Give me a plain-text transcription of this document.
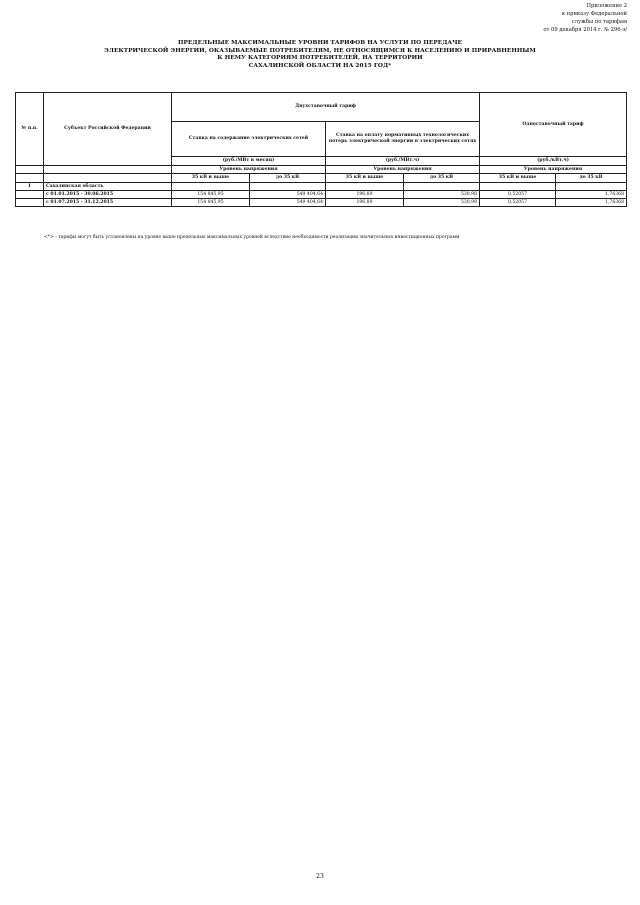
Приложение 2
к приказу Федеральной
службы по тарифам
от 09 декабря 2014 г. № 296-э/
ПРЕДЕЛЬНЫЕ МАКСИМАЛЬНЫЕ УРОВНИ ТАРИФОВ НА УСЛУГИ ПО ПЕРЕДАЧЕ
ЭЛЕКТРИЧЕСКОЙ ЭНЕРГИИ, ОКАЗЫВАЕМЫЕ ПОТРЕБИТЕЛЯМ, НЕ ОТНОСЯЩИМСЯ К НАСЕЛЕНИЮ И ПРИРАВНЕННЫМ
К НЕМУ КАТЕГОРИЯМ ПОТРЕБИТЕЛЕЙ, НА ТЕРРИТОРИИ
САХАЛИНСКОЙ ОБЛАСТИ НА 2015 ГОД*
№ п.п.	Субъект Российской Федерации	Двухставочный тариф				Одноставочный тариф	
		Ставка на содержание электрических сетей		Ставка на оплату нормативных технологических потерь электрической энергии в электрических сетях			
		(руб./МВт в месяц)		(руб./МВт.ч)		(руб./кВт.ч)	
		Уровень напряжения		Уровень напряжения		Уровень напряжения	
		35 кВ и выше	до 35 кВ	35 кВ и выше	до 35 кВ	35 кВ и выше	до 35 кВ
1	Сахалинская область						
	с 01.01.2015 - 30.06.2015	154 845,95	549 404,64	196,89	530,98	0,52057	1,76368
	с 01.07.2015 - 31.12.2015	154 845,95	549 404,64	196,89	530,98	0,52057	1,76368
<*> - тарифы могут быть установлены на уровне выше предельных максимальных уровней вследствие необходимости реализации значительных инвестиционных программ
23
